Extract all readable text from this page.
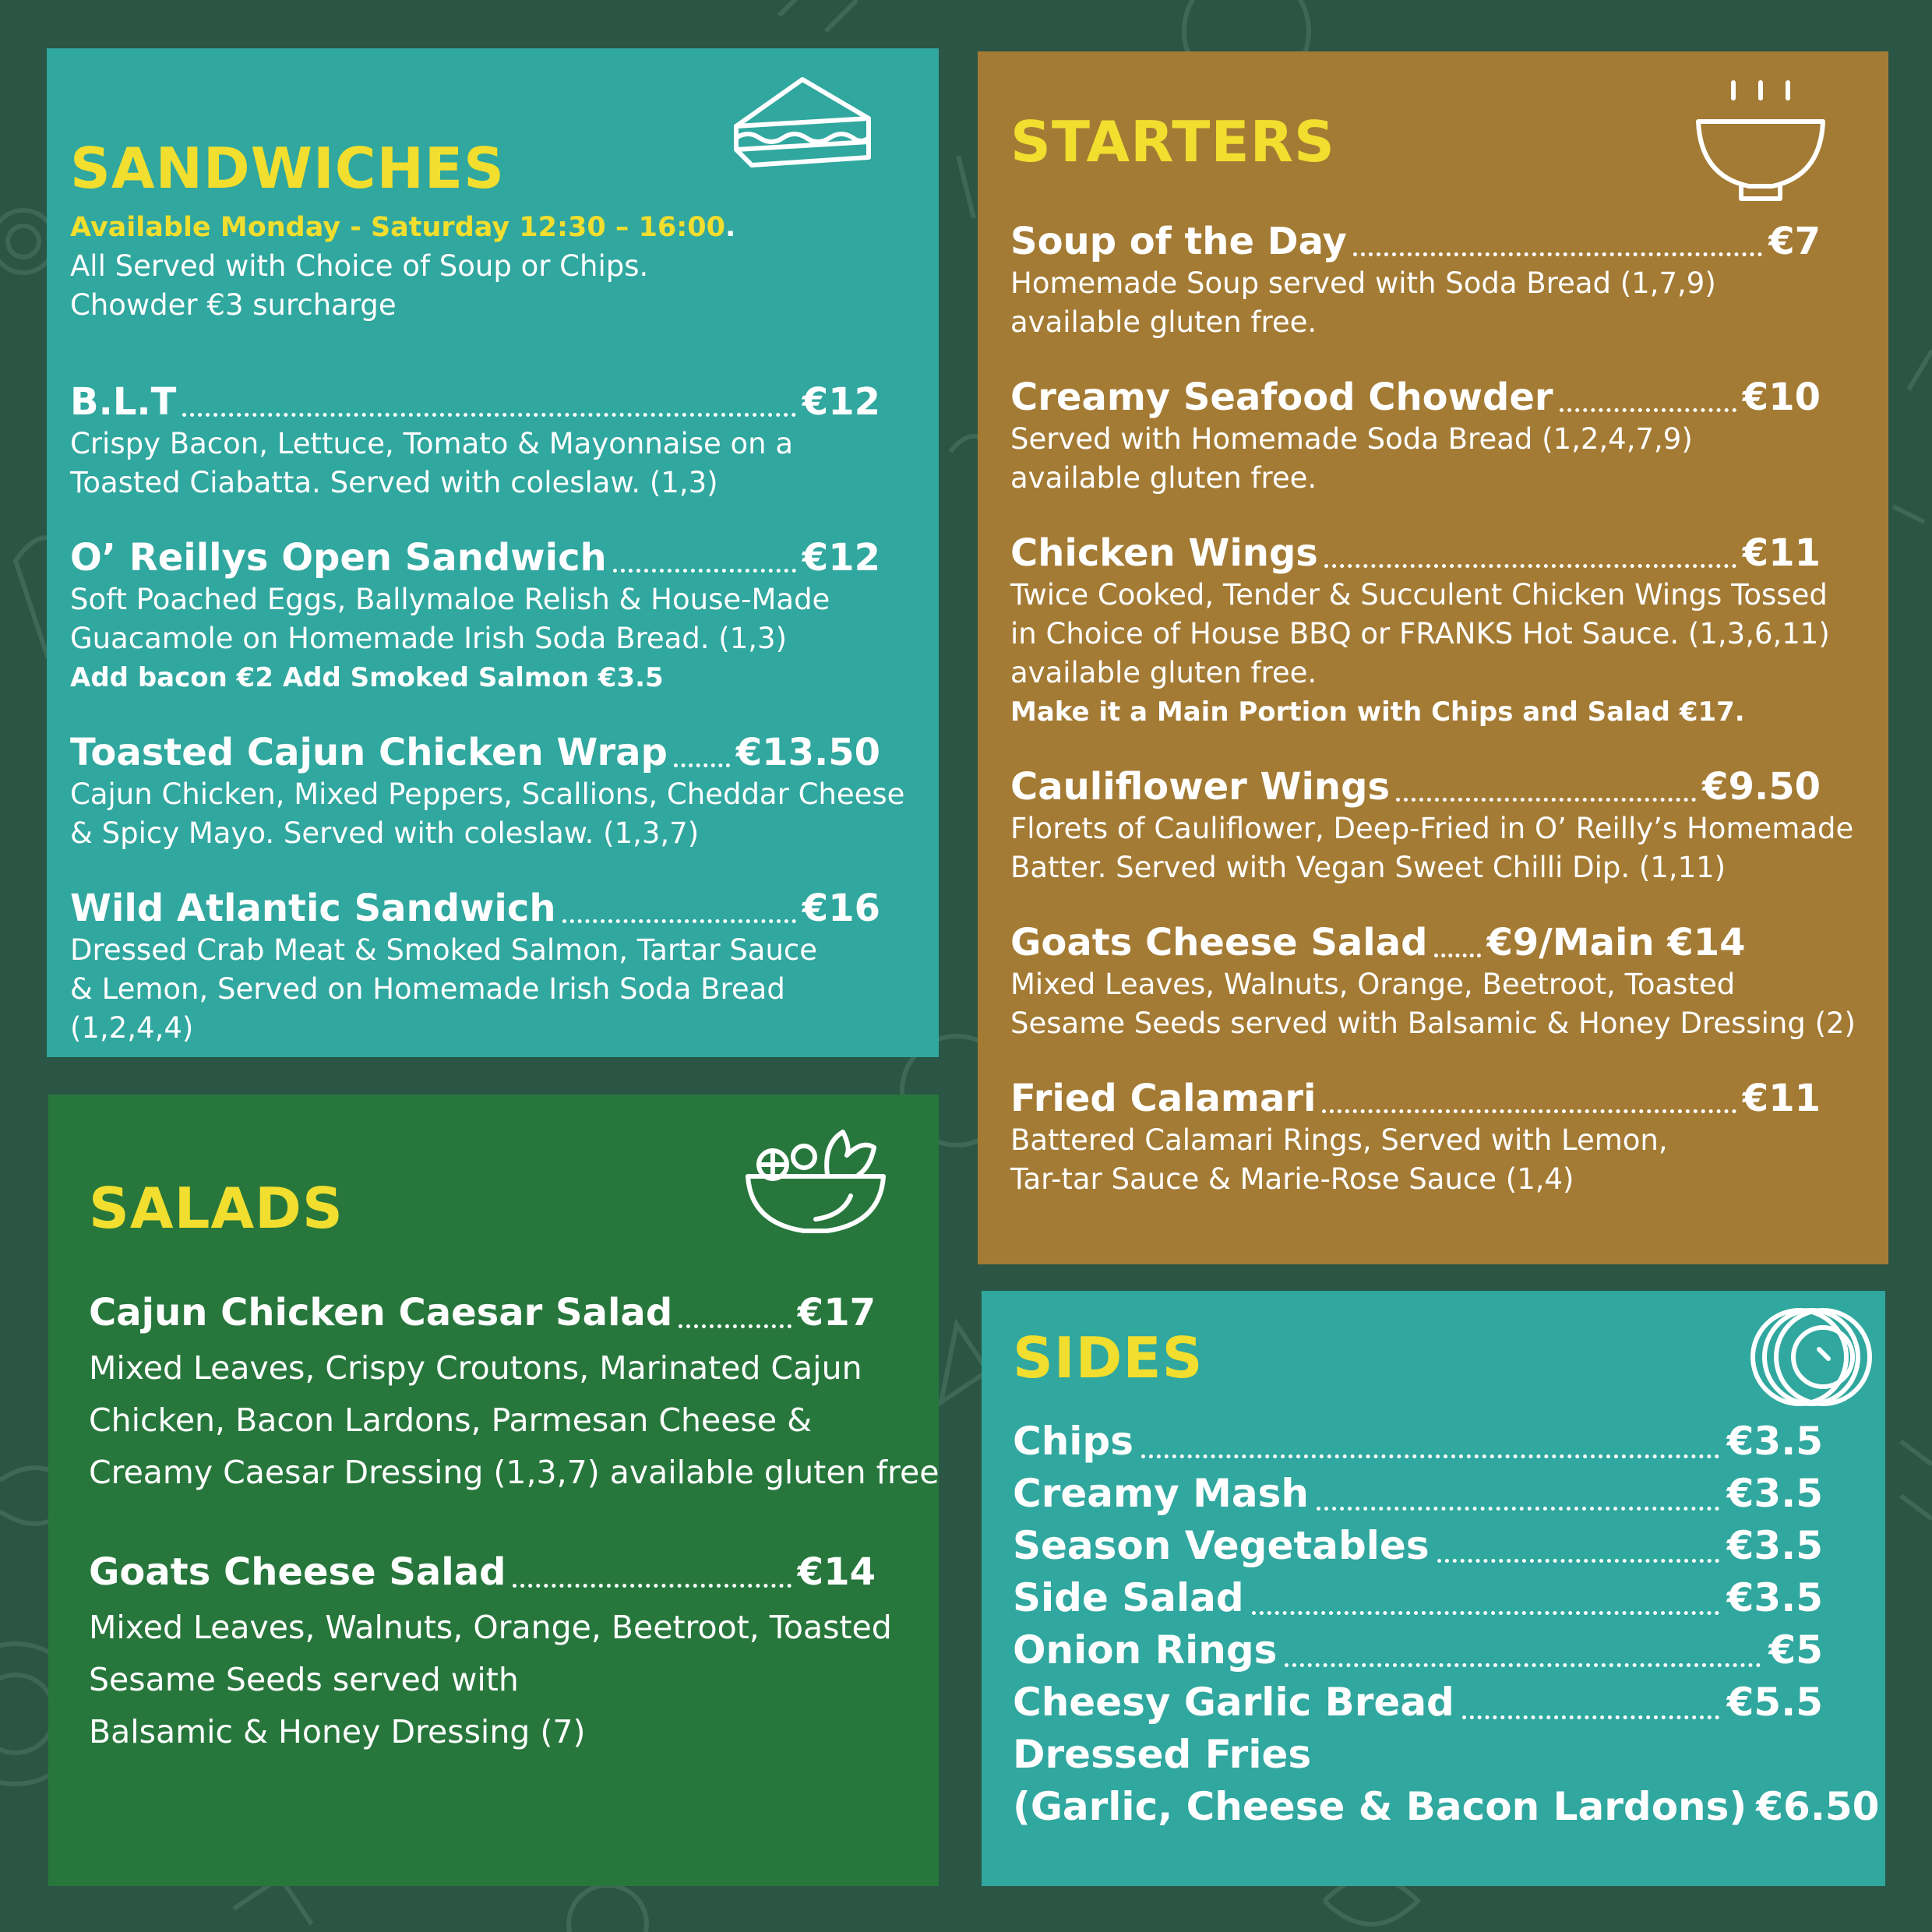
SANDWICHES
Available Monday - Saturday 12:30 – 16:00.
All Served with Choice of Soup or Chips.
Chowder €3 surcharge
B.L.T	€12
Crispy Bacon, Lettuce, Tomato & Mayonnaise on a
Toasted Ciabatta. Served with coleslaw. (1,3)
O’ Reillys Open Sandwich	€12
Soft Poached Eggs, Ballymaloe Relish & House-Made
Guacamole on Homemade Irish Soda Bread. (1,3)
Add bacon €2 Add Smoked Salmon €3.5
Toasted Cajun Chicken Wrap €13.50
Cajun Chicken, Mixed Peppers, Scallions, Cheddar Cheese
& Spicy Mayo. Served with coleslaw. (1,3,7)
Wild Atlantic Sandwich	€16
Dressed Crab Meat & Smoked Salmon, Tartar Sauce
& Lemon, Served on Homemade Irish Soda Bread
(1,2,4,4)
SALADS
Cajun Chicken Caesar Salad	€17
Mixed Leaves, Crispy Croutons, Marinated Cajun
Chicken, Bacon Lardons, Parmesan Cheese &
Creamy Caesar Dressing (1,3,7) available gluten free
Goats Cheese Salad	€14
Mixed Leaves, Walnuts, Orange, Beetroot, Toasted
Sesame Seeds served with
Balsamic & Honey Dressing (7)
STARTERS
Soup of the Day	€7
Homemade Soup served with Soda Bread (1,7,9)
available gluten free.
Creamy Seafood Chowder	€10
Served with Homemade Soda Bread (1,2,4,7,9)
available gluten free.
Chicken Wings	€11
Twice Cooked, Tender & Succulent Chicken Wings Tossed
in Choice of House BBQ or FRANKS Hot Sauce. (1,3,6,11)
available gluten free.
Make it a Main Portion with Chips and Salad €17.
Cauliflower Wings	€9.50
Florets of Cauliflower, Deep-Fried in O’ Reilly’s Homemade
Batter. Served with Vegan Sweet Chilli Dip. (1,11)
Goats Cheese Salad €9/Main €14
Mixed Leaves, Walnuts, Orange, Beetroot, Toasted
Sesame Seeds served with Balsamic & Honey Dressing (2)
Fried Calamari	€11
Battered Calamari Rings, Served with Lemon,
Tar-tar Sauce & Marie-Rose Sauce (1,4)
SIDES
Chips	€3.5
Creamy Mash	€3.5
Season Vegetables	€3.5
Side Salad	€3.5
Onion Rings	€5
Cheesy Garlic Bread	€5.5
Dressed Fries
(Garlic, Cheese & Bacon Lardons) €6.50
